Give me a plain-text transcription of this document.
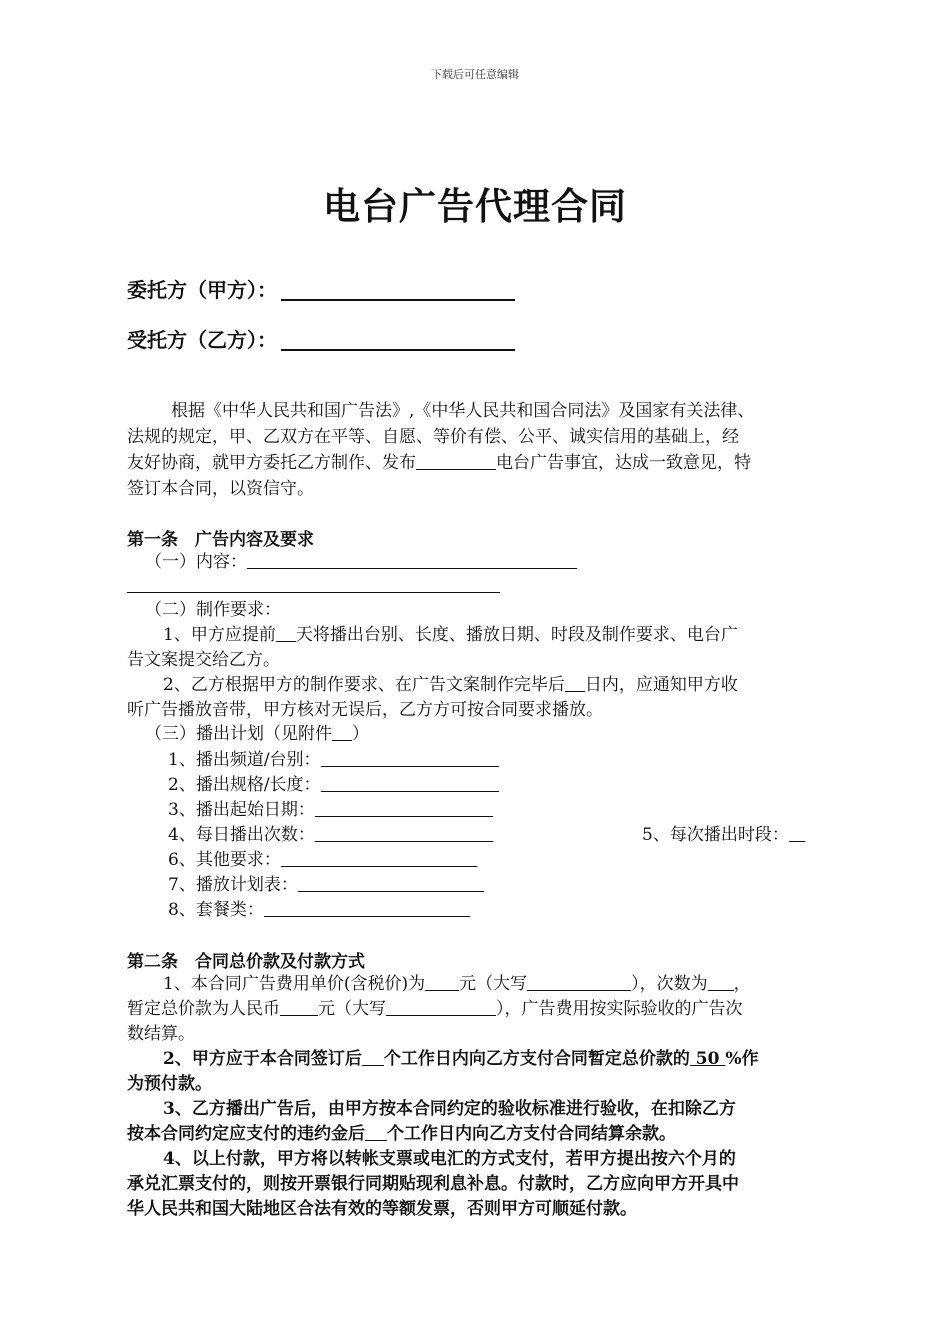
下载后可任意编辑
电台广告代理合同
委托方（甲方）：
受托方（乙方）：
根据《中华人民共和国广告法》,《中华人民共和国合同法》及国家有关法律、
法规的规定，甲、乙双方在平等、自愿、等价有偿、公平、诚实信用的基础上，经
友好协商，就甲方委托乙方制作、发布	电台广告事宜，达成一致意见，特
签订本合同，以资信守。
第一条　广告内容及要求
（一）内容：
（二）制作要求：
1、甲方应提前 天将播出台别、长度、播放日期、时段及制作要求、电台广
告文案提交给乙方。
2、乙方根据甲方的制作要求、在广告文案制作完毕后 日内，应通知甲方收
听广告播放音带，甲方核对无误后，乙方方可按合同要求播放。
（三）播出计划（见附件 ）
1、播出频道/台别：
2、播出规格/长度：
3、播出起始日期：
4、每日播出次数：	5、每次播出时段：
6、其他要求：
7、播放计划表：
8、套餐类：
第二条　合同总价款及付款方式
1、本合同广告费用单价(含税价)为 元（大写	），次数为 ，
暂定总价款为人民币 元（大写	），广告费用按实际验收的广告次
数结算。
2、甲方应于本合同签订后 个工作日内向乙方支付合同暂定总价款的 50 %作
为预付款。
3、乙方播出广告后，由甲方按本合同约定的验收标准进行验收，在扣除乙方
按本合同约定应支付的违约金后 个工作日内向乙方支付合同结算余款。
4、以上付款，甲方将以转帐支票或电汇的方式支付，若甲方提出按六个月的
承兑汇票支付的，则按开票银行同期贴现利息补息。付款时，乙方应向甲方开具中
华人民共和国大陆地区合法有效的等额发票，否则甲方可顺延付款。
